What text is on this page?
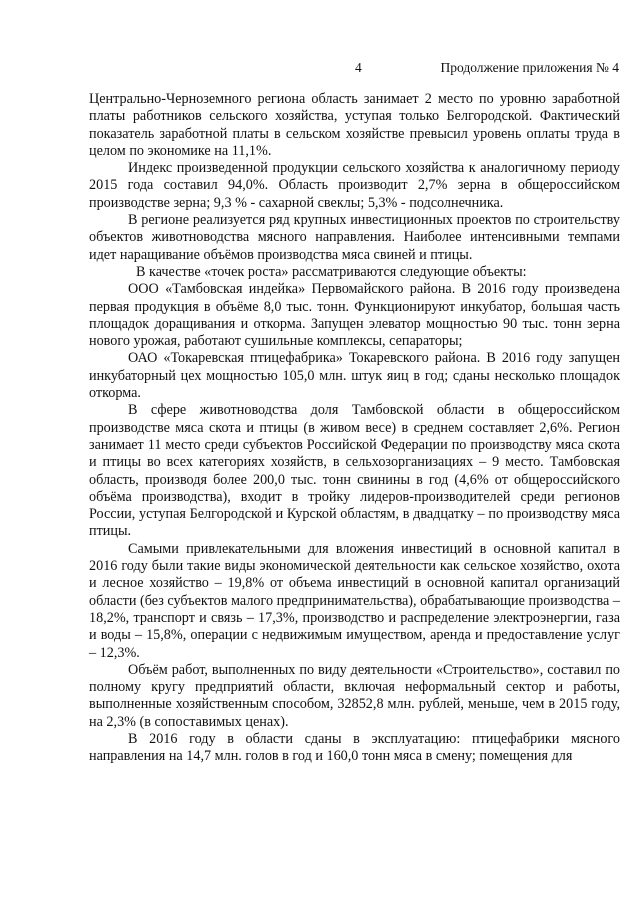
4	Продолжение приложения № 4

Центрально-Черноземного региона область занимает 2 место по уровню заработной платы работников сельского хозяйства, уступая только Белгородской. Фактический показатель заработной платы в сельском хозяйстве превысил уровень оплаты труда в целом по экономике на 11,1%.

Индекс произведенной продукции сельского хозяйства к аналогичному периоду 2015 года составил 94,0%. Область производит 2,7% зерна в общероссийском производстве зерна; 9,3 % - сахарной свеклы; 5,3% - подсолнечника.

В регионе реализуется ряд крупных инвестиционных проектов по строительству объектов животноводства мясного направления. Наиболее интенсивными темпами идет наращивание объёмов производства мяса свиней и птицы.

В качестве «точек роста» рассматриваются следующие объекты:

ООО «Тамбовская индейка» Первомайского района. В 2016 году произведена первая продукция в объёме 8,0 тыс. тонн. Функционируют инкубатор, большая часть площадок доращивания и откорма. Запущен элеватор мощностью 90 тыс. тонн зерна нового урожая, работают сушильные комплексы, сепараторы;

ОАО «Токаревская птицефабрика» Токаревского района. В 2016 году запущен инкубаторный цех мощностью 105,0 млн. штук яиц в год; сданы несколько площадок откорма.

В сфере животноводства доля Тамбовской области в общероссийском производстве мяса скота и птицы (в живом весе) в среднем составляет 2,6%. Регион занимает 11 место среди субъектов Российской Федерации по производству мяса скота и птицы во всех категориях хозяйств, в сельхозорганизациях – 9 место. Тамбовская область, производя более 200,0 тыс. тонн свинины в год (4,6% от общероссийского объёма производства), входит в тройку лидеров-производителей среди регионов России, уступая Белгородской и Курской областям, в двадцатку – по производству мяса птицы.

Самыми привлекательными для вложения инвестиций в основной капитал в 2016 году были такие виды экономической деятельности как сельское хозяйство, охота и лесное хозяйство – 19,8% от объема инвестиций в основной капитал организаций области (без субъектов малого предпринимательства), обрабатывающие производства – 18,2%, транспорт и связь – 17,3%, производство и распределение электроэнергии, газа и воды – 15,8%, операции с недвижимым имуществом, аренда и предоставление услуг – 12,3%.

Объём работ, выполненных по виду деятельности «Строительство», составил по полному кругу предприятий области, включая неформальный сектор и работы, выполненные хозяйственным способом, 32852,8 млн. рублей, меньше, чем в 2015 году, на 2,3% (в сопоставимых ценах).

В 2016 году в области сданы в эксплуатацию: птицефабрики мясного направления на 14,7 млн. голов в год и 160,0 тонн мяса в смену; помещения для
